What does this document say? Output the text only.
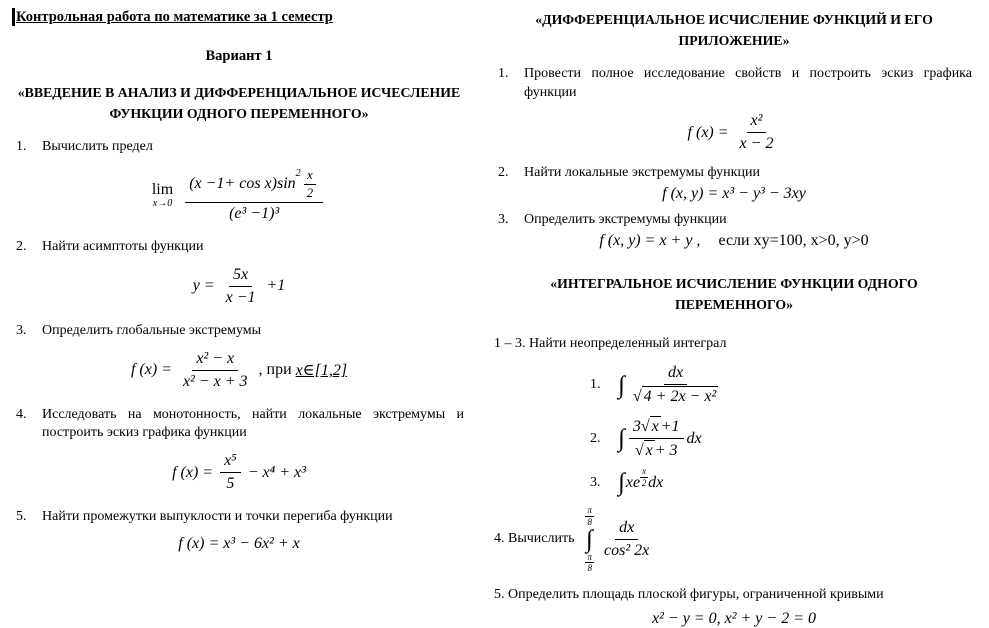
Контрольная работа по математике за 1 семестр
Вариант 1
«ВВЕДЕНИЕ В АНАЛИЗ И ДИФФЕРЕНЦИАЛЬНОЕ ИСЧЕСЛЕНИЕ ФУНКЦИИ ОДНОГО ПЕРЕМЕННОГО»
1.	Вычислить предел
lim
x→0 (x −1+ cos x)sin
$^2 \frac{x}{2}$
(e³ −1)³
2.	Найти асимптоты функции
$y = \frac{5x}{x -1} +1$
3.	Определить глобальные экстремумы
f $(x) = \frac{\text{x² − x}}{\text{x² − x + 3}}$ , при x∈[1,2]
4.	Исследовать на монотонность, найти локальные экстремумы и построить эскиз графика функции
f $(x) = \frac{\text{x⁵}}{5} - x^4 + x^3$
5.	Найти промежутки выпуклости и точки перегиба функции
f (x) = x³ − 6x² + x
«ДИФФЕРЕНЦИАЛЬНОЕ ИСЧИСЛЕНИЕ ФУНКЦИЙ И ЕГО ПРИЛОЖЕНИЕ»
1.	Провести полное исследование свойств и построить эскиз графика функции
f $(x) = \frac{\text{x²}}{x - 2}$
2.	Найти локальные экстремумы функции
f (x, y) = x³ − y³ − 3xy
3.	Определить экстремумы функции
f (x, y) = x + y , если xy=100, x>0, y>0
«ИНТЕГРАЛЬНОЕ ИСЧИСЛЕНИЕ ФУНКЦИИ ОДНОГО ПЕРЕМЕННОГО»
1 – 3. Найти неопределенный интеграл
1. ∫ $\frac{dx}{\text{√ 4 + 2x − x²}}$
2. ∫ $\frac{3 √ x +1}{√ x + 3}$ dx
3. ∫ xe $^{\frac{x}{2}}$ dx
4. Вычислить
π
8
∫
π
8
$\frac{dx}{\text{cos² 2x}}$
5. Определить площадь плоской фигуры, ограниченной кривыми
x² − y = 0, x² + y − 2 = 0
